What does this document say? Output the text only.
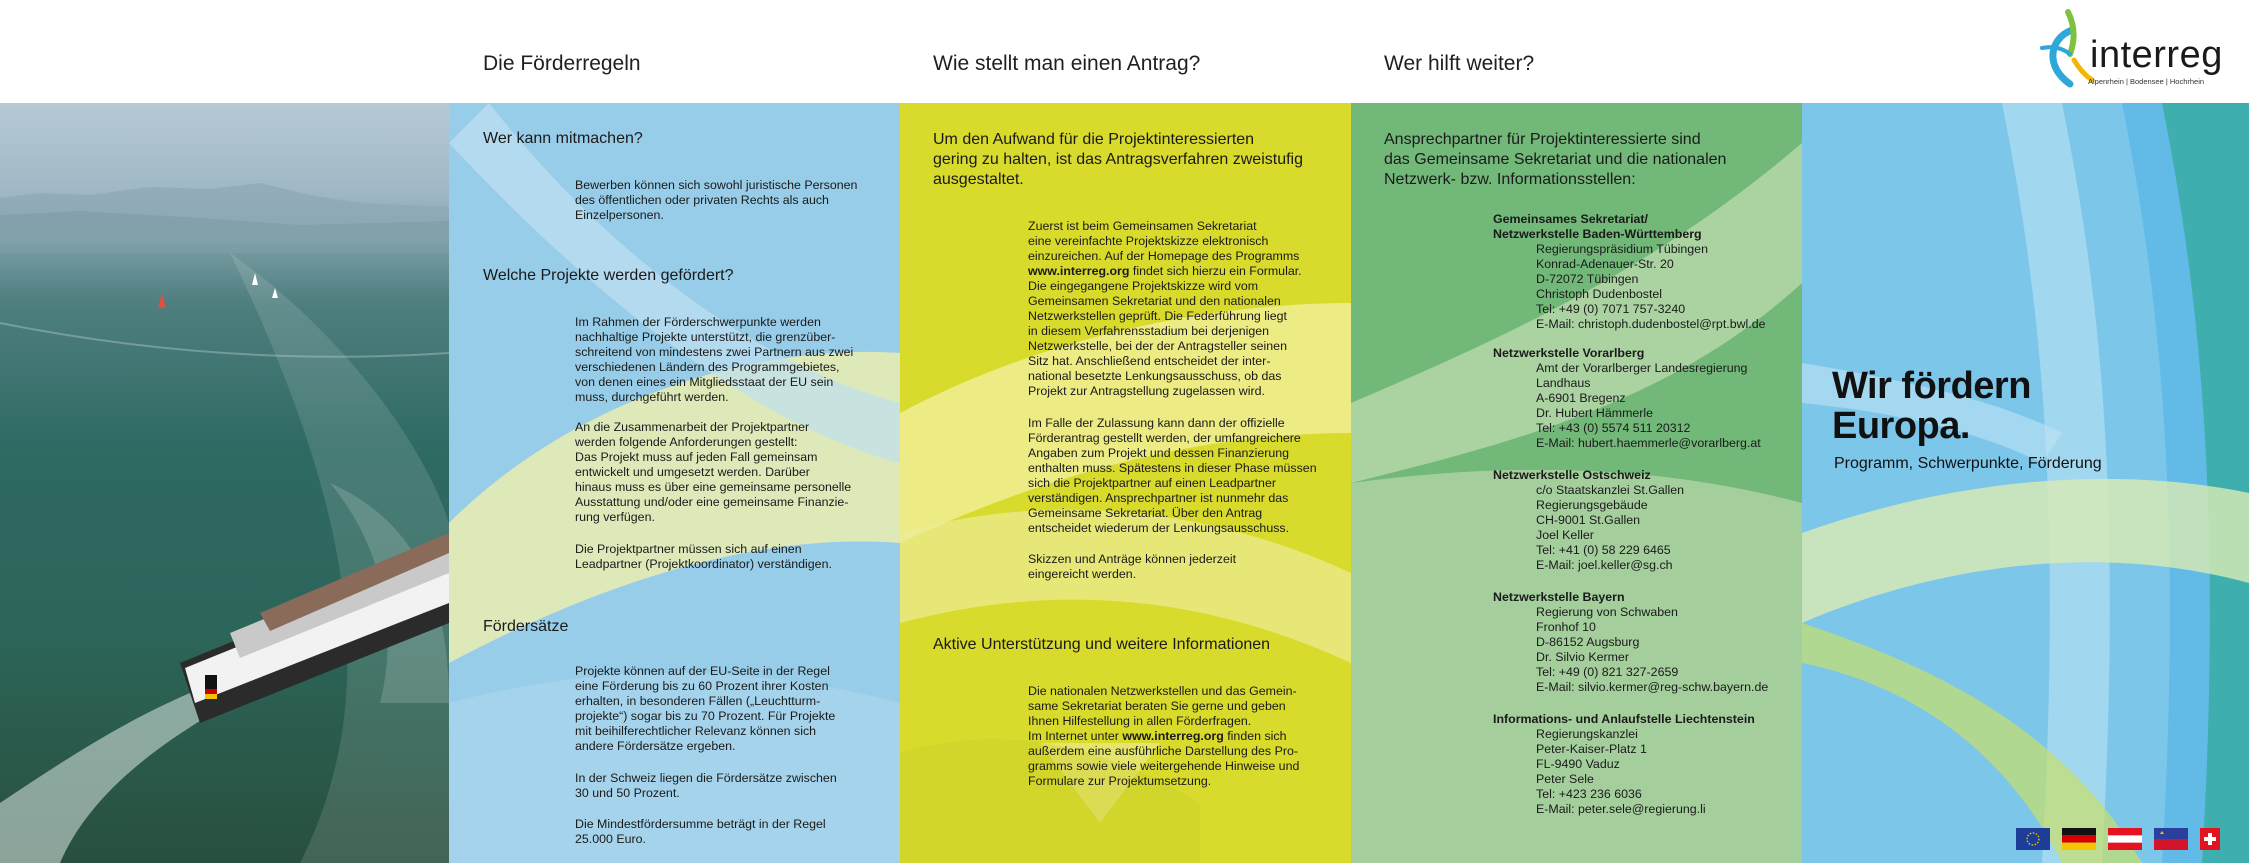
Die Förderregeln	Wie stellt man einen Antrag?	Wer hilft weiter?	interreg
Alpenrhein | Bodensee | Hochrhein
Wer kann mitmachen?
Bewerben können sich sowohl juristische Personen
des öffentlichen oder privaten Rechts als auch
Einzelpersonen.
Welche Projekte werden gefördert?
Im Rahmen der Förderschwerpunkte werden
nachhaltige Projekte unterstützt, die grenzüber-
schreitend von mindestens zwei Partnern aus zwei
verschiedenen Ländern des Programmgebietes,
von denen eines ein Mitgliedsstaat der EU sein
muss, durchgeführt werden.
An die Zusammenarbeit der Projektpartner
werden folgende Anforderungen gestellt:
Das Projekt muss auf jeden Fall gemeinsam
entwickelt und umgesetzt werden. Darüber
hinaus muss es über eine gemeinsame personelle
Ausstattung und/oder eine gemeinsame Finanzie-
rung verfügen.
Die Projektpartner müssen sich auf einen
Leadpartner (Projektkoordinator) verständigen.
Fördersätze
Projekte können auf der EU-Seite in der Regel
eine Förderung bis zu 60 Prozent ihrer Kosten
erhalten, in besonderen Fällen („Leuchtturm-
projekte“) sogar bis zu 70 Prozent. Für Projekte
mit beihilferechtlicher Relevanz können sich
andere Fördersätze ergeben.
In der Schweiz liegen die Fördersätze zwischen
30 und 50 Prozent.
Die Mindestfördersumme beträgt in der Regel
25.000 Euro.
Um den Aufwand für die Projektinteressierten
gering zu halten, ist das Antragsverfahren zweistufig
ausgestaltet.
Zuerst ist beim Gemeinsamen Sekretariat
eine vereinfachte Projektskizze elektronisch
einzureichen. Auf der Homepage des Programms
www.interreg.org findet sich hierzu ein Formular.
Die eingegangene Projektskizze wird vom
Gemeinsamen Sekretariat und den nationalen
Netzwerkstellen geprüft. Die Federführung liegt
in diesem Verfahrensstadium bei derjenigen
Netzwerkstelle, bei der der Antragsteller seinen
Sitz hat. Anschließend entscheidet der inter-
national besetzte Lenkungsausschuss, ob das
Projekt zur Antragstellung zugelassen wird.
Im Falle der Zulassung kann dann der offizielle
Förderantrag gestellt werden, der umfangreichere
Angaben zum Projekt und dessen Finanzierung
enthalten muss. Spätestens in dieser Phase müssen
sich die Projektpartner auf einen Leadpartner
verständigen. Ansprechpartner ist nunmehr das
Gemeinsame Sekretariat. Über den Antrag
entscheidet wiederum der Lenkungsausschuss.
Skizzen und Anträge können jederzeit
eingereicht werden.
Aktive Unterstützung und weitere Informationen
Die nationalen Netzwerkstellen und das Gemein-
same Sekretariat beraten Sie gerne und geben
Ihnen Hilfestellung in allen Förderfragen.
Im Internet unter www.interreg.org finden sich
außerdem eine ausführliche Darstellung des Pro-
gramms sowie viele weitergehende Hinweise und
Formulare zur Projektumsetzung.
Ansprechpartner für Projektinteressierte sind
das Gemeinsame Sekretariat und die nationalen
Netzwerk- bzw. Informationsstellen:
Gemeinsames Sekretariat/
Netzwerkstelle Baden-Württemberg
Regierungspräsidium Tübingen
Konrad-Adenauer-Str. 20
D-72072 Tübingen
Christoph Dudenbostel
Tel: +49 (0) 7071 757-3240
E-Mail: christoph.dudenbostel@rpt.bwl.de
Netzwerkstelle Vorarlberg
Amt der Vorarlberger Landesregierung
Landhaus
A-6901 Bregenz
Dr. Hubert Hämmerle
Tel: +43 (0) 5574 511 20312
E-Mail: hubert.haemmerle@vorarlberg.at
Netzwerkstelle Ostschweiz
c/o Staatskanzlei St.Gallen
Regierungsgebäude
CH-9001 St.Gallen
Joel Keller
Tel: +41 (0) 58 229 6465
E-Mail: joel.keller@sg.ch
Netzwerkstelle Bayern
Regierung von Schwaben
Fronhof 10
D-86152 Augsburg
Dr. Silvio Kermer
Tel: +49 (0) 821 327-2659
E-Mail: silvio.kermer@reg-schw.bayern.de
Informations- und Anlaufstelle Liechtenstein
Regierungskanzlei
Peter-Kaiser-Platz 1
FL-9490 Vaduz
Peter Sele
Tel: +423 236 6036
E-Mail: peter.sele@regierung.li
Wir fördern
Europa.
Programm, Schwerpunkte, Förderung
